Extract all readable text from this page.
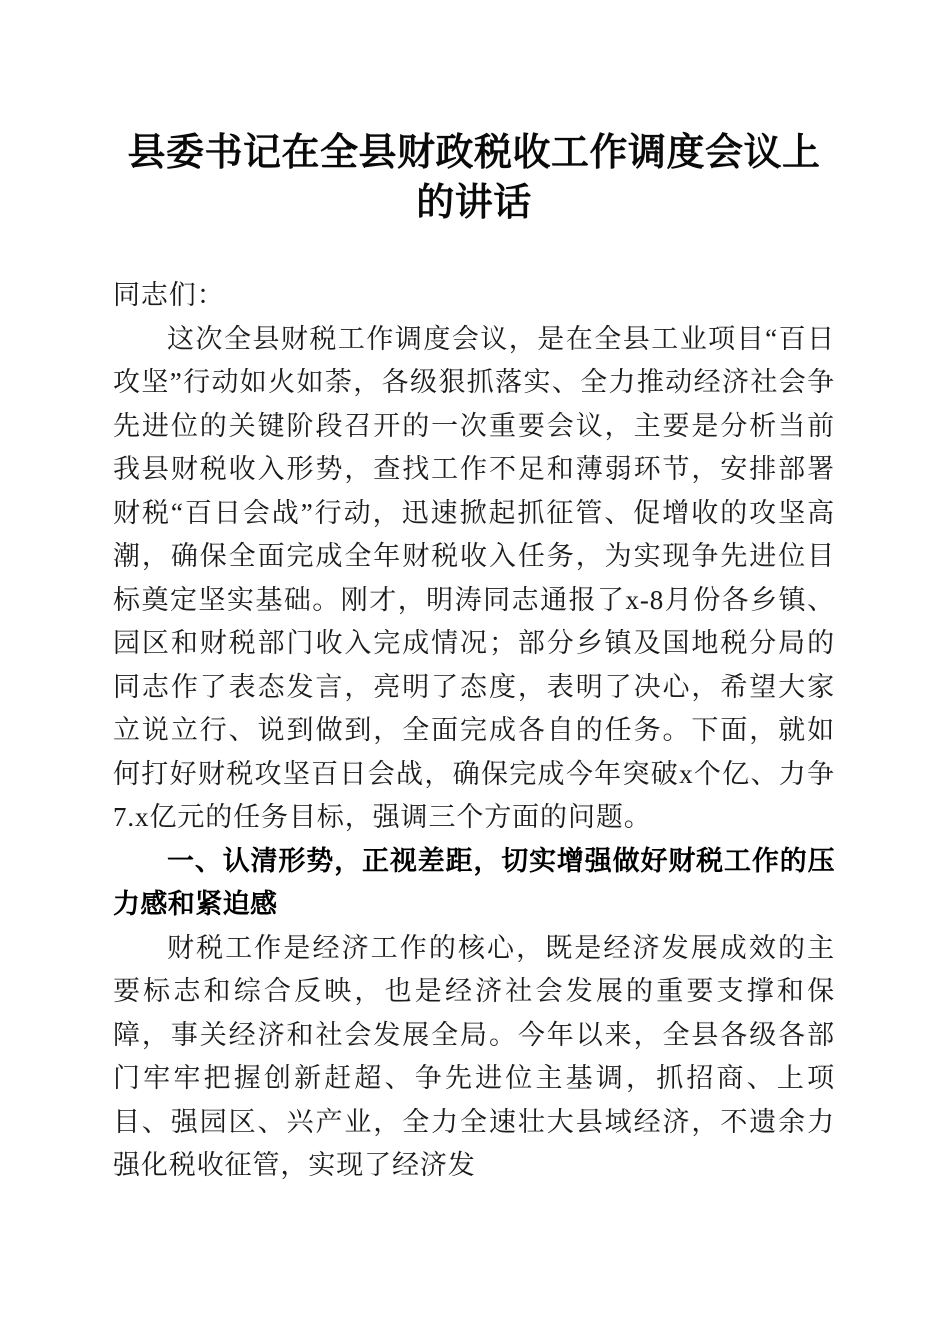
县委书记在全县财政税收工作调度会议上的讲话

同志们：

这次全县财税工作调度会议，是在全县工业项目“百日攻坚”行动如火如荼，各级狠抓落实、全力推动经济社会争先进位的关键阶段召开的一次重要会议，主要是分析当前我县财税收入形势，查找工作不足和薄弱环节，安排部署财税“百日会战”行动，迅速掀起抓征管、促增收的攻坚高潮，确保全面完成全年财税收入任务，为实现争先进位目标奠定坚实基础。刚才，明涛同志通报了x-8月份各乡镇、园区和财税部门收入完成情况；部分乡镇及国地税分局的同志作了表态发言，亮明了态度，表明了决心，希望大家立说立行、说到做到，全面完成各自的任务。下面，就如何打好财税攻坚百日会战，确保完成今年突破x个亿、力争7.x亿元的任务目标，强调三个方面的问题。

一、认清形势，正视差距，切实增强做好财税工作的压力感和紧迫感

财税工作是经济工作的核心，既是经济发展成效的主要标志和综合反映，也是经济社会发展的重要支撑和保障，事关经济和社会发展全局。今年以来，全县各级各部门牢牢把握创新赶超、争先进位主基调，抓招商、上项目、强园区、兴产业，全力全速壮大县域经济，不遗余力强化税收征管，实现了经济发
